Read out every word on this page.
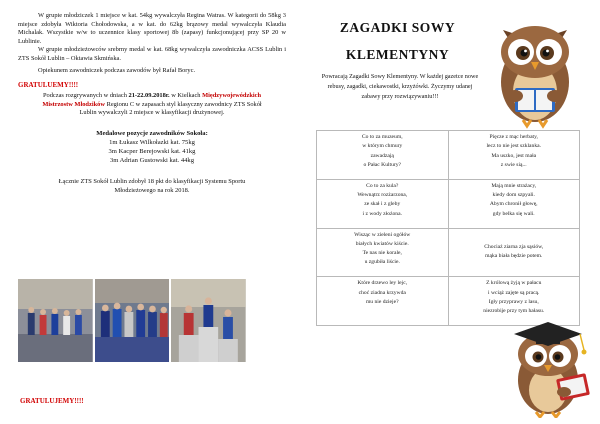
W grupie młodziczek 1 miejsce w kat. 54kg wywalczyła Regina Watras. W kategorii do 58kg 3 miejsce zdobyła Wiktoria Chołodowska, a w kat. do 62kg brązowy medal wywalczyła Klaudia Michalak. Wszystkie w/w to uczennice klasy sportowej 8b (zapasy) funkcjonującej przy SP 20 w Lublinie.

W grupie młodzieżowców srebrny medal w kat. 68kg wywalczyła zawodniczka ACSS Lublin i ZTS Sokół Lublin – Oktawia Skmińska.

Opiekunem zawodniczek podczas zawodów był Rafał Boryc.

GRATULUEMY!!!!

Podczas rozgrywanych w dniach 21-22.09.2018r. w Kielkach Międzywojewódzkich Mistrzostw Młodzików Regionu C w zapasach styl klasyczny zawodnicy ZTS Sokół Lublin wywalczyli 2 miejsce w klasyfikacji drużynowej.

Medalowe pozycje zawodników Sokoła:
1m Łukasz Wilkołazki kat. 75kg
3m Kacper Berejowski kat. 41kg
3m Adrian Gustowski kat. 44kg

Łącznie ZTS Sokół Lublin zdobył 18 pkt do klasyfikacji Systemu Sportu Młodzieżowego na rok 2018.

GRATULUJEMY!!!!

ZAGADKI SOWY
KLEMENTYNY

Powracają Zagadki Sowy Klementyny. W każdej gazetce nowe rebusy, zagadki, ciekawostki, krzyżówki. Życzymy udanej zabawy przy rozwiązywaniu!!!

Co to za muzeum,
w którym chmury
zawadzają
o Pałac Kultury?	Pięcze z mąc herbaty,
lecz to nie jest szklanka.
Ma uszko, jest mała
z swie sią...

Co to za kula?
Wewnątrz rozżarzona,
ze skał i z gleby
i z wody złożona.	Mają mnie strażacy,
kiedy dom szpyali.
Abym chronił głowę,
gdy belka się wali.

Wisząc w zieleni ogółów
białych kwiatów kiście.
Te nas nie korale,
u zgubiła liście.	Chociaż ziarna zja sąsiów,
mąka biała będzie potem.

Które drzewo ley lejc,
choć ziadna krzywda
mu nie dzieje?	Z królową żyją w pałacu
i wciąż zajęte są pracą.
Igły przyprawy z lasu,
niezrobije przy tym hałasu.
